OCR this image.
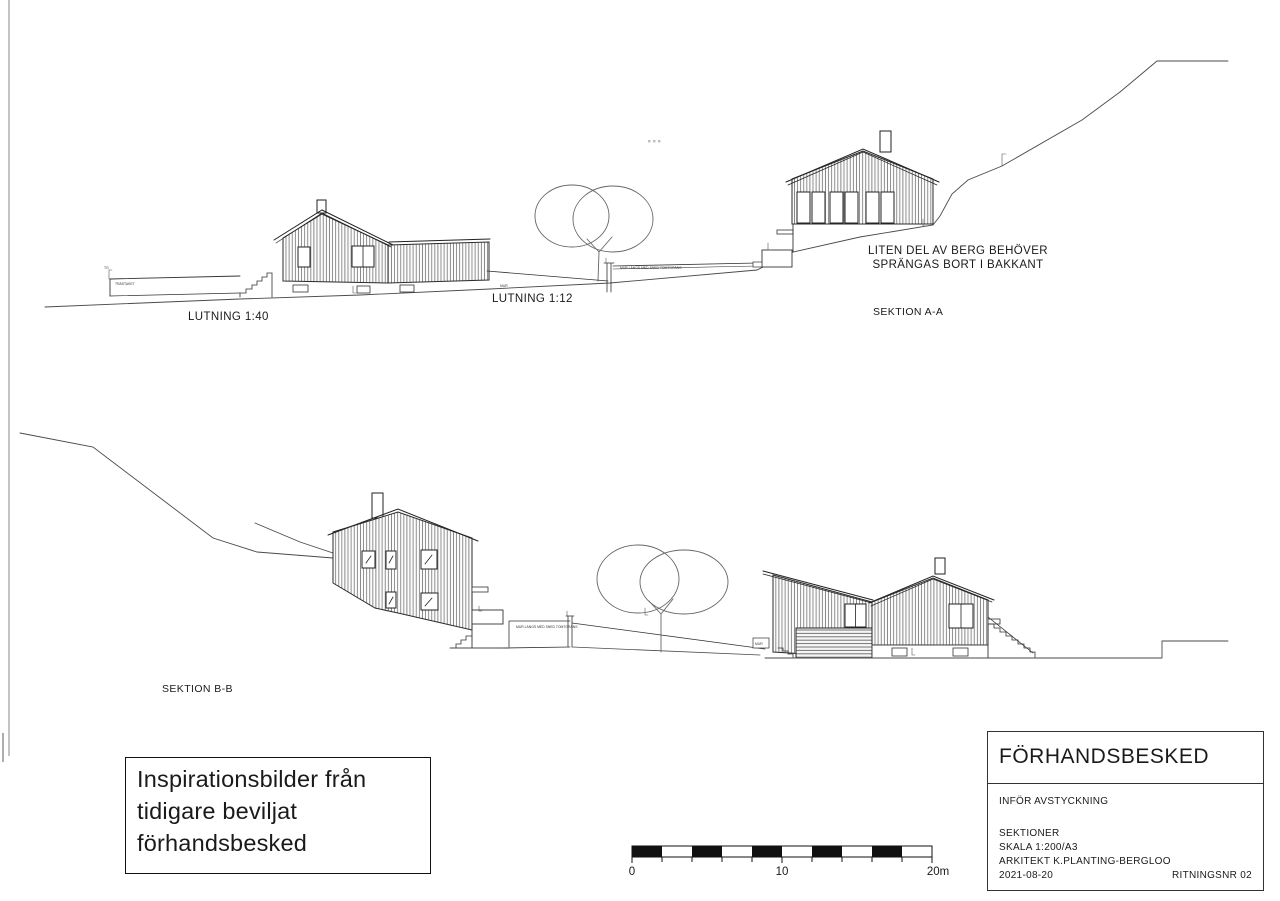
TG
TRÄSTAKET	MUR
MUR LÄNGS MED SNED TOMTGRÄNS
LUTNING 1:40
LUTNING 1:12
LITEN DEL AV BERG BEHÖVER
SPRÄNGAS BORT I BAKKANT
SEKTION A-A
MUR LÄNGS MED SNED TOMTGRÄNS
MUR
SEKTION B-B
0	10	20m
Inspirationsbilder från
tidigare beviljat
förhandsbesked
FÖRHANDSBESKED
INFÖR AVSTYCKNING
SEKTIONER
SKALA 1:200/A3
ARKITEKT K.PLANTING-BERGLOO
2021-08-20	RITNINGSNR 02
